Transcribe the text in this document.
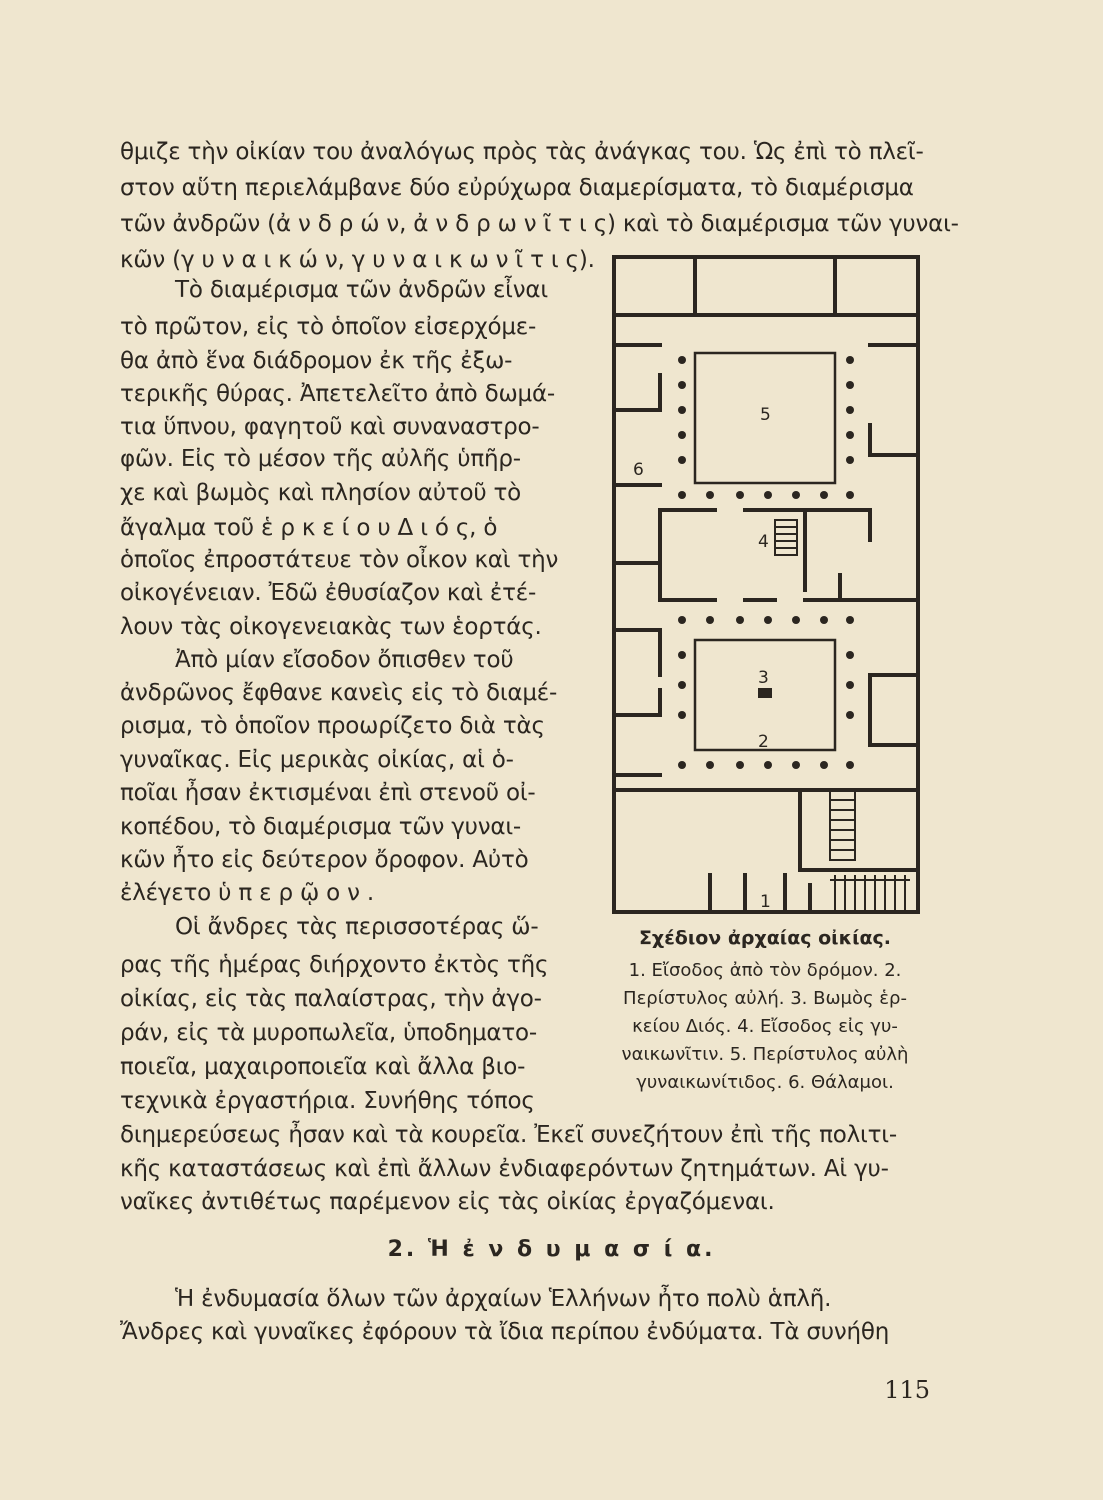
θμιζε τὴν οἰκίαν του ἀναλόγως πρὸς τὰς ἀνάγκας του. Ὡς ἐπὶ τὸ πλεῖ-
στον αὕτη περιελάμβανε δύο εὐρύχωρα διαμερίσματα, τὸ διαμέρισμα
τῶν ἀνδρῶν (ἀ ν δ ρ ώ ν, ἀ ν δ ρ ω ν ῖ τ ι ς) καὶ τὸ διαμέρισμα τῶν γυναι-
κῶν (γ υ ν α ι κ ώ ν, γ υ ν α ι κ ω ν ῖ τ ι ς).
Τὸ διαμέρισμα τῶν ἀνδρῶν εἶναι
τὸ πρῶτον, εἰς τὸ ὁποῖον εἰσερχόμε-
θα ἀπὸ ἕνα διάδρομον ἐκ τῆς ἐξω-
τερικῆς θύρας. Ἀπετελεῖτο ἀπὸ δωμά-
τια ὕπνου, φαγητοῦ καὶ συναναστρο-
φῶν. Εἰς τὸ μέσον τῆς αὐλῆς ὑπῆρ-
χε καὶ βωμὸς καὶ πλησίον αὐτοῦ τὸ
ἄγαλμα τοῦ ἑ ρ κ ε ί ο υ Δ ι ό ς, ὁ
ὁποῖος ἐπροστάτευε τὸν οἶκον καὶ τὴν
οἰκογένειαν. Ἐδῶ ἐθυσίαζον καὶ ἐτέ-
λουν τὰς οἰκογενειακὰς των ἑορτάς.
Ἀπὸ μίαν εἴσοδον ὄπισθεν τοῦ
ἀνδρῶνος ἔφθανε κανεὶς εἰς τὸ διαμέ-
ρισμα, τὸ ὁποῖον προωρίζετο διὰ τὰς
γυναῖκας. Εἰς μερικὰς οἰκίας, αἱ ὁ-
ποῖαι ἦσαν ἐκτισμέναι ἐπὶ στενοῦ οἰ-
κοπέδου, τὸ διαμέρισμα τῶν γυναι-
κῶν ἦτο εἰς δεύτερον ὄροφον. Αὐτὸ
ἐλέγετο ὑ π ε ρ ῷ ο ν .
Οἱ ἄνδρες τὰς περισσοτέρας ὥ-
ρας τῆς ἡμέρας διήρχοντο ἐκτὸς τῆς
οἰκίας, εἰς τὰς παλαίστρας, τὴν ἀγο-
ράν, εἰς τὰ μυροπωλεῖα, ὑποδηματο-
ποιεῖα, μαχαιροποιεῖα καὶ ἄλλα βιο-
τεχνικὰ ἐργαστήρια. Συνήθης τόπος
διημερεύσεως ἦσαν καὶ τὰ κουρεῖα. Ἐκεῖ συνεζήτουν ἐπὶ τῆς πολιτι-
κῆς καταστάσεως καὶ ἐπὶ ἄλλων ἐνδιαφερόντων ζητημάτων. Αἱ γυ-
ναῖκες ἀντιθέτως παρέμενον εἰς τὰς οἰκίας ἐργαζόμεναι.
5
6
4
3
2
1
Σχέδιον ἀρχαίας οἰκίας.
1. Εἴσοδος ἀπὸ τὸν δρόμον. 2.
Περίστυλος αὐλή. 3. Βωμὸς ἑρ-
κείου Διός. 4. Εἴσοδος εἰς γυ-
ναικωνῖτιν. 5. Περίστυλος αὐλὴ
γυναικωνίτιδος. 6. Θάλαμοι.
2. Ἡ ἐ ν δ υ μ α σ ί α.
Ἡ ἐνδυμασία ὅλων τῶν ἀρχαίων Ἑλλήνων ἦτο πολὺ ἁπλῆ.
Ἄνδρες καὶ γυναῖκες ἐφόρουν τὰ ἴδια περίπου ἐνδύματα. Τὰ συνήθη
115
